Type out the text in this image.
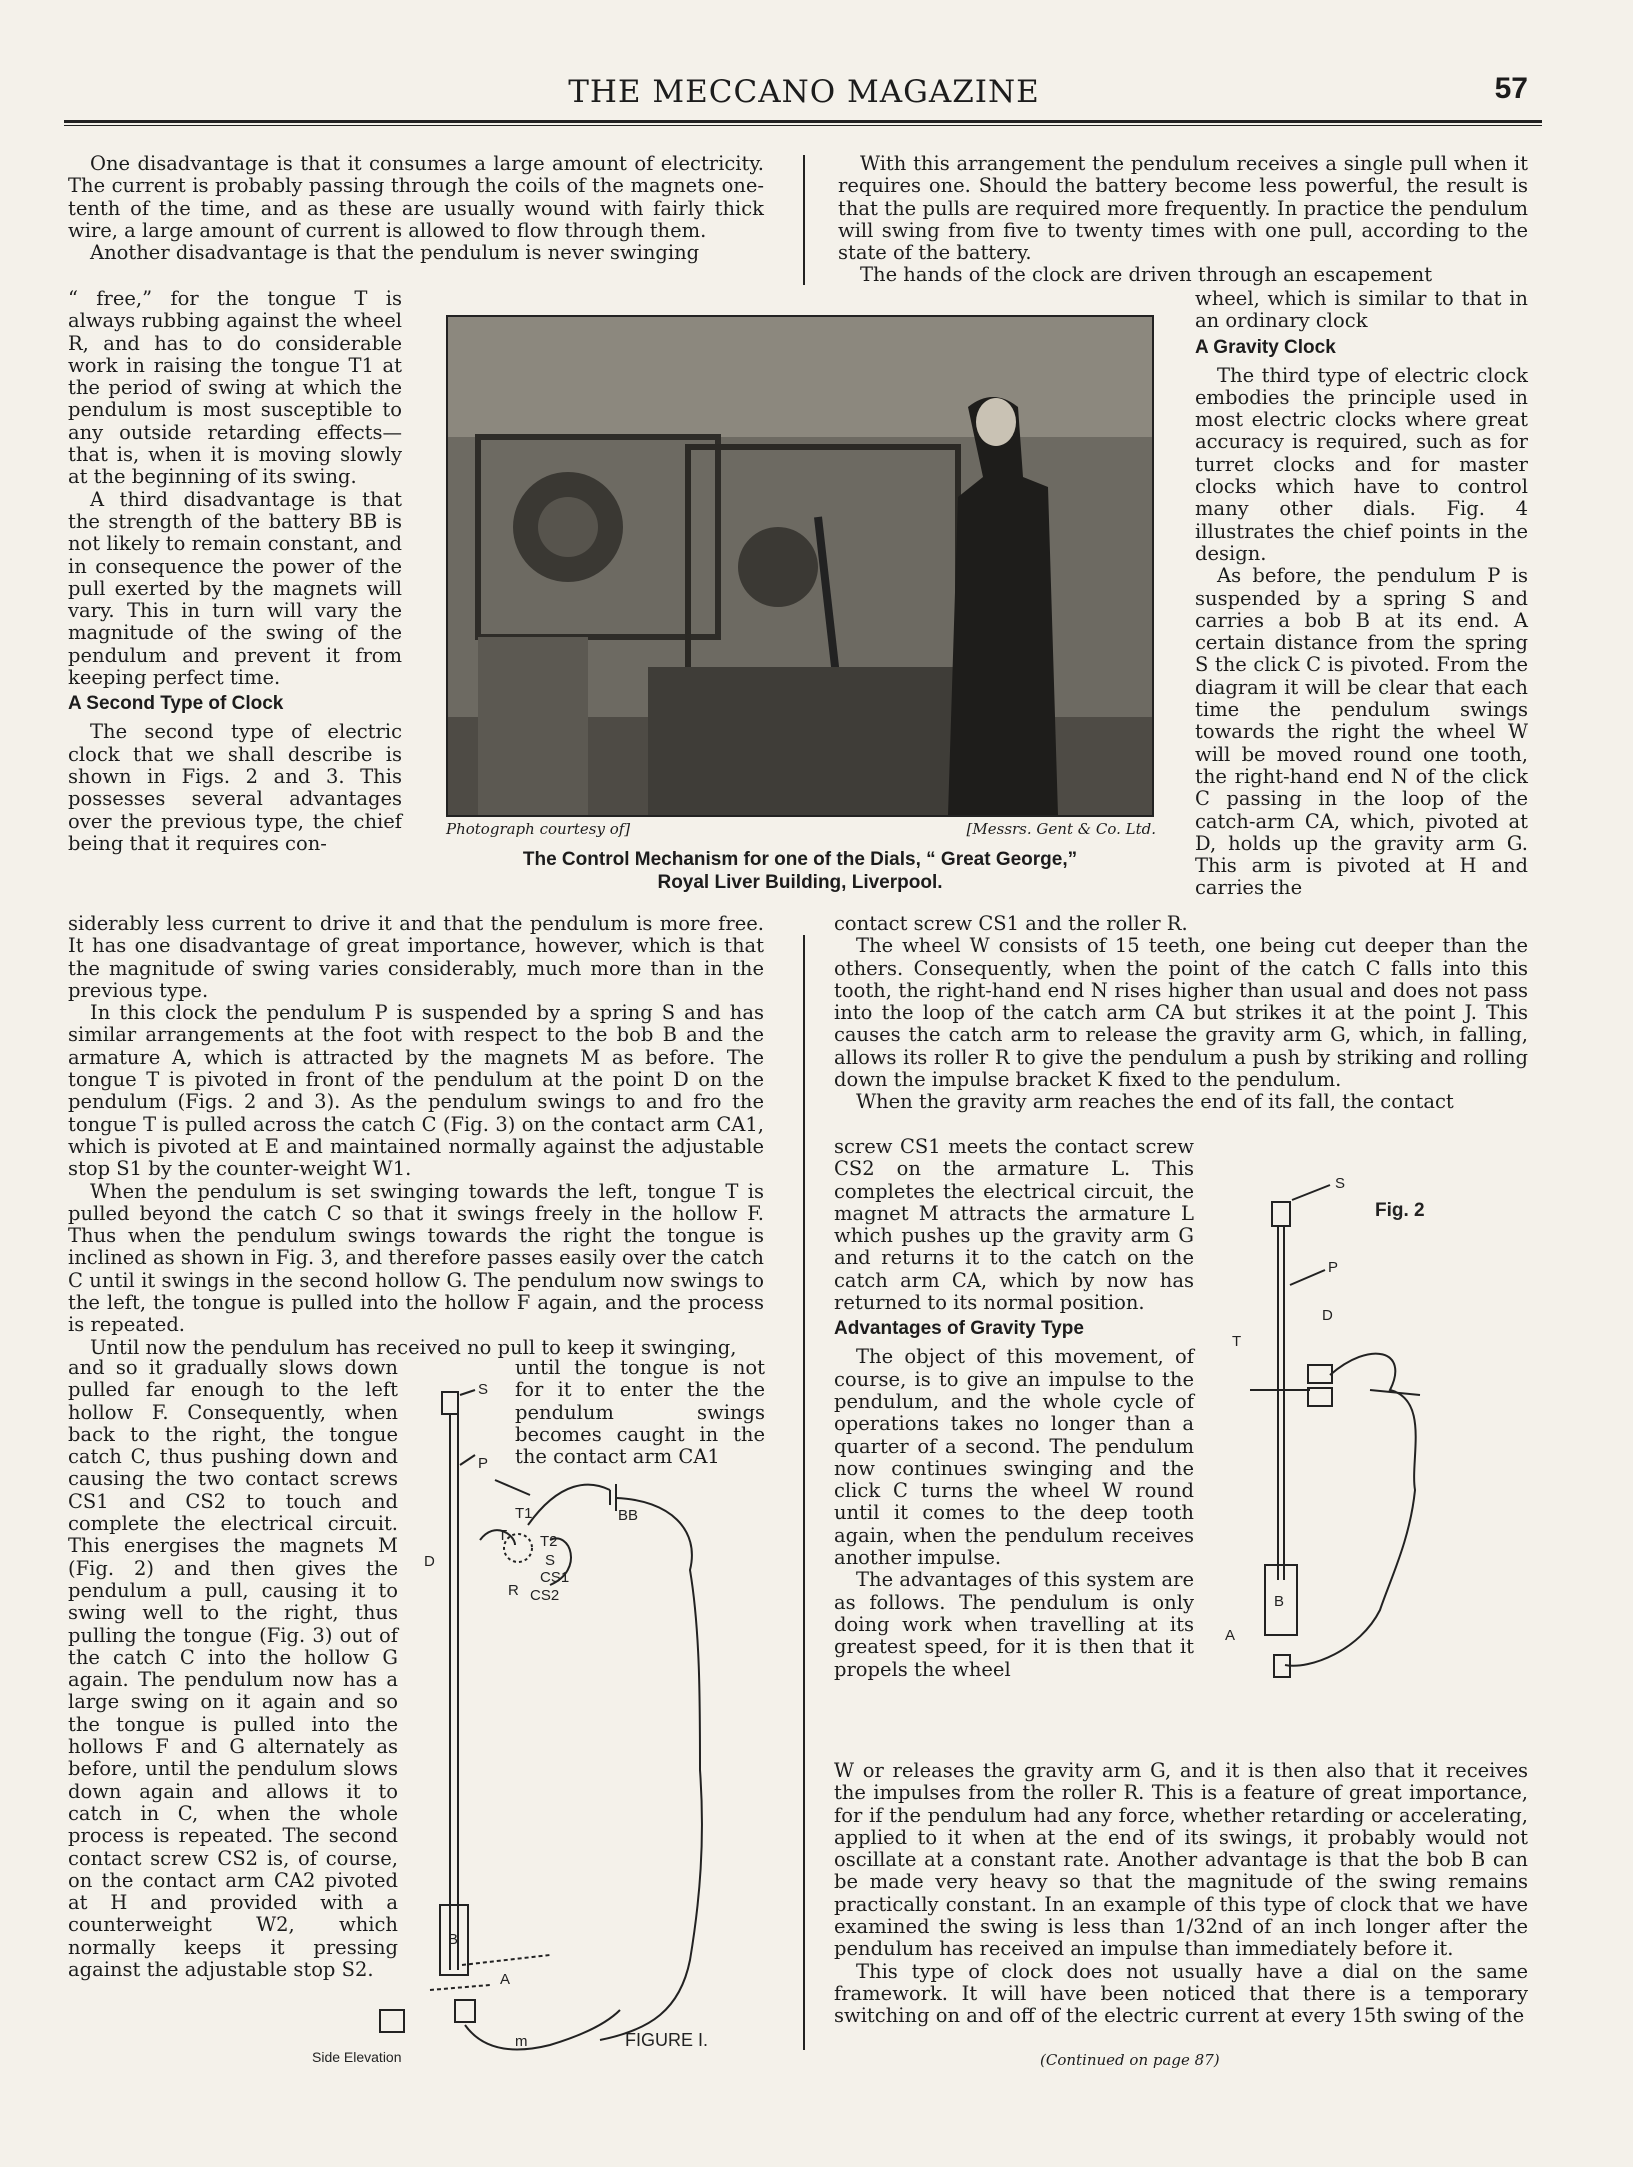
THE MECCANO MAGAZINE	57

One disadvantage is that it consumes a large amount of electricity. The current is probably passing through the coils of the magnets one-tenth of the time, and as these are usually wound with fairly thick wire, a large amount of current is allowed to flow through them.

Another disadvantage is that the pendulum is never swinging

“ free,” for the tongue T is always rubbing against the wheel R, and has to do considerable work in raising the tongue T1 at the period of swing at which the pendulum is most susceptible to any outside retarding effects—that is, when it is moving slowly at the beginning of its swing.

A third disadvantage is that the strength of the battery BB is not likely to remain constant, and in consequence the power of the pull exerted by the magnets will vary. This in turn will vary the magnitude of the swing of the pendulum and prevent it from keeping perfect time.

A Second Type of Clock

The second type of electric clock that we shall describe is shown in Figs. 2 and 3. This possesses several advantages over the previous type, the chief being that it requires con-

siderably less current to drive it and that the pendulum is more free. It has one disadvantage of great importance, however, which is that the magnitude of swing varies considerably, much more than in the previous type.

In this clock the pendulum P is suspended by a spring S and has similar arrangements at the foot with respect to the bob B and the armature A, which is attracted by the magnets M as before. The tongue T is pivoted in front of the pendulum at the point D on the pendulum (Figs. 2 and 3). As the pendulum swings to and fro the tongue T is pulled across the catch C (Fig. 3) on the contact arm CA1, which is pivoted at E and maintained normally against the adjustable stop S1 by the counter-weight W1.

When the pendulum is set swinging towards the left, tongue T is pulled beyond the catch C so that it swings freely in the hollow F. Thus when the pendulum swings towards the right the tongue is inclined as shown in Fig. 3, and therefore passes easily over the catch C until it swings in the second hollow G. The pendulum now swings to the left, the tongue is pulled into the hollow F again, and the process is repeated.

Until now the pendulum has received no pull to keep it swinging,

and so it gradually slows down pulled far enough to the left hollow F. Consequently, when back to the right, the tongue catch C, thus pushing down and causing the two contact screws CS1 and CS2 to touch and complete the electrical circuit. This energises the magnets M (Fig. 2) and then gives the pendulum a pull, causing it to swing well to the right, thus pulling the tongue (Fig. 3) out of the catch C into the hollow G again. The pendulum now has a large swing on it again and so the tongue is pulled into the hollows F and G alternately as before, until the pendulum slows down again and allows it to catch in C, when the whole process is repeated. The second contact screw CS2 is, of course, on the contact arm CA2 pivoted at H and provided with a counterweight W2, which normally keeps it pressing against the adjustable stop S2.

until the tongue is not for it to enter the the pendulum swings becomes caught in the the contact arm CA1

Photograph courtesy of]	[Messrs. Gent & Co. Ltd.
The Control Mechanism for one of the Dials, “ Great George,”
Royal Liver Building, Liverpool.

With this arrangement the pendulum receives a single pull when it requires one. Should the battery become less powerful, the result is that the pulls are required more frequently. In practice the pendulum will swing from five to twenty times with one pull, according to the state of the battery.

The hands of the clock are driven through an escapement

wheel, which is similar to that in an ordinary clock

A Gravity Clock

The third type of electric clock embodies the principle used in most electric clocks where great accuracy is required, such as for turret clocks and for master clocks which have to control many other dials. Fig. 4 illustrates the chief points in the design.

As before, the pendulum P is suspended by a spring S and carries a bob B at its end. A certain distance from the spring S the click C is pivoted. From the diagram it will be clear that each time the pendulum swings towards the right the wheel W will be moved round one tooth, the right-hand end N of the click C passing in the loop of the catch-arm CA, which, pivoted at D, holds up the gravity arm G. This arm is pivoted at H and carries the

contact screw CS1 and the roller R.

The wheel W consists of 15 teeth, one being cut deeper than the others. Consequently, when the point of the catch C falls into this tooth, the right-hand end N rises higher than usual and does not pass into the loop of the catch arm CA but strikes it at the point J. This causes the catch arm to release the gravity arm G, which, in falling, allows its roller R to give the pendulum a push by striking and rolling down the impulse bracket K fixed to the pendulum.

When the gravity arm reaches the end of its fall, the contact

screw CS1 meets the contact screw CS2 on the armature L. This completes the electrical circuit, the magnet M attracts the armature L which pushes up the gravity arm G and returns it to the catch on the catch arm CA, which by now has returned to its normal position.

Advantages of Gravity Type

The object of this movement, of course, is to give an impulse to the pendulum, and the whole cycle of operations takes no longer than a quarter of a second. The pendulum now continues swinging and the click C turns the wheel W round until it comes to the deep tooth again, when the pendulum receives another impulse.

The advantages of this system are as follows. The pendulum is only doing work when travelling at its greatest speed, for it is then that it propels the wheel

W or releases the gravity arm G, and it is then also that it receives the impulses from the roller R. This is a feature of great importance, for if the pendulum had any force, whether retarding or accelerating, applied to it when at the end of its swings, it probably would not oscillate at a constant rate. Another advantage is that the bob B can be made very heavy so that the magnitude of the swing remains practically constant. In an example of this type of clock that we have examined the swing is less than 1/32nd of an inch longer after the pendulum has received an impulse than immediately before it.

This type of clock does not usually have a dial on the same framework. It will have been noticed that there is a temporary switching on and off of the electric current at every 15th swing of the

(Continued on page 87)
S
P
BB
T1
T2
T
D	S
CS1
R CS2
B
A
m	FIGURE I.
Side Elevation
S
P
D
T
B
A
Fig. 2
